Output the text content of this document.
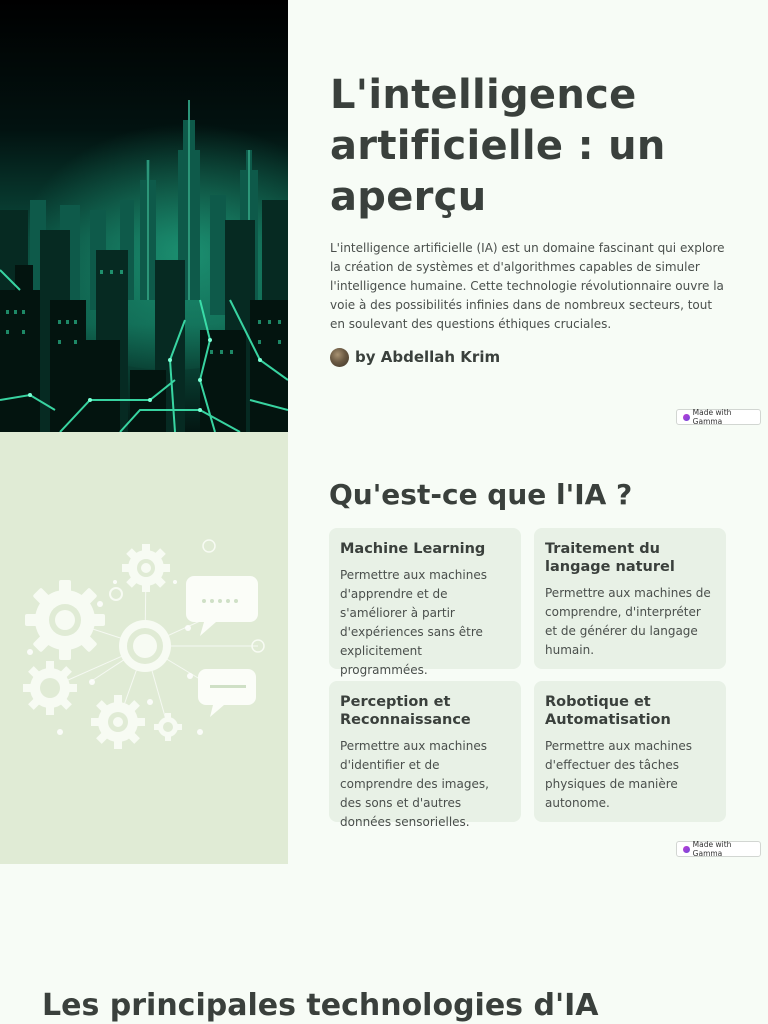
L'intelligence artificielle : un aperçu

L'intelligence artificielle (IA) est un domaine fascinant qui explore la création de systèmes et d'algorithmes capables de simuler l'intelligence humaine. Cette technologie révolutionnaire ouvre la voie à des possibilités infinies dans de nombreux secteurs, tout en soulevant des questions éthiques cruciales.

by Abdellah Krim
Made with Gamma
Qu'est-ce que l'IA ?
Machine Learning

Permettre aux machines d'apprendre et de s'améliorer à partir d'expériences sans être explicitement programmées.

Traitement du langage naturel

Permettre aux machines de comprendre, d'interpréter et de générer du langage humain.

Perception et Reconnaissance

Permettre aux machines d'identifier et de comprendre des images, des sons et d'autres données sensorielles.

Robotique et Automatisation

Permettre aux machines d'effectuer des tâches physiques de manière autonome.

Made with Gamma
Les principales technologies d'IA
